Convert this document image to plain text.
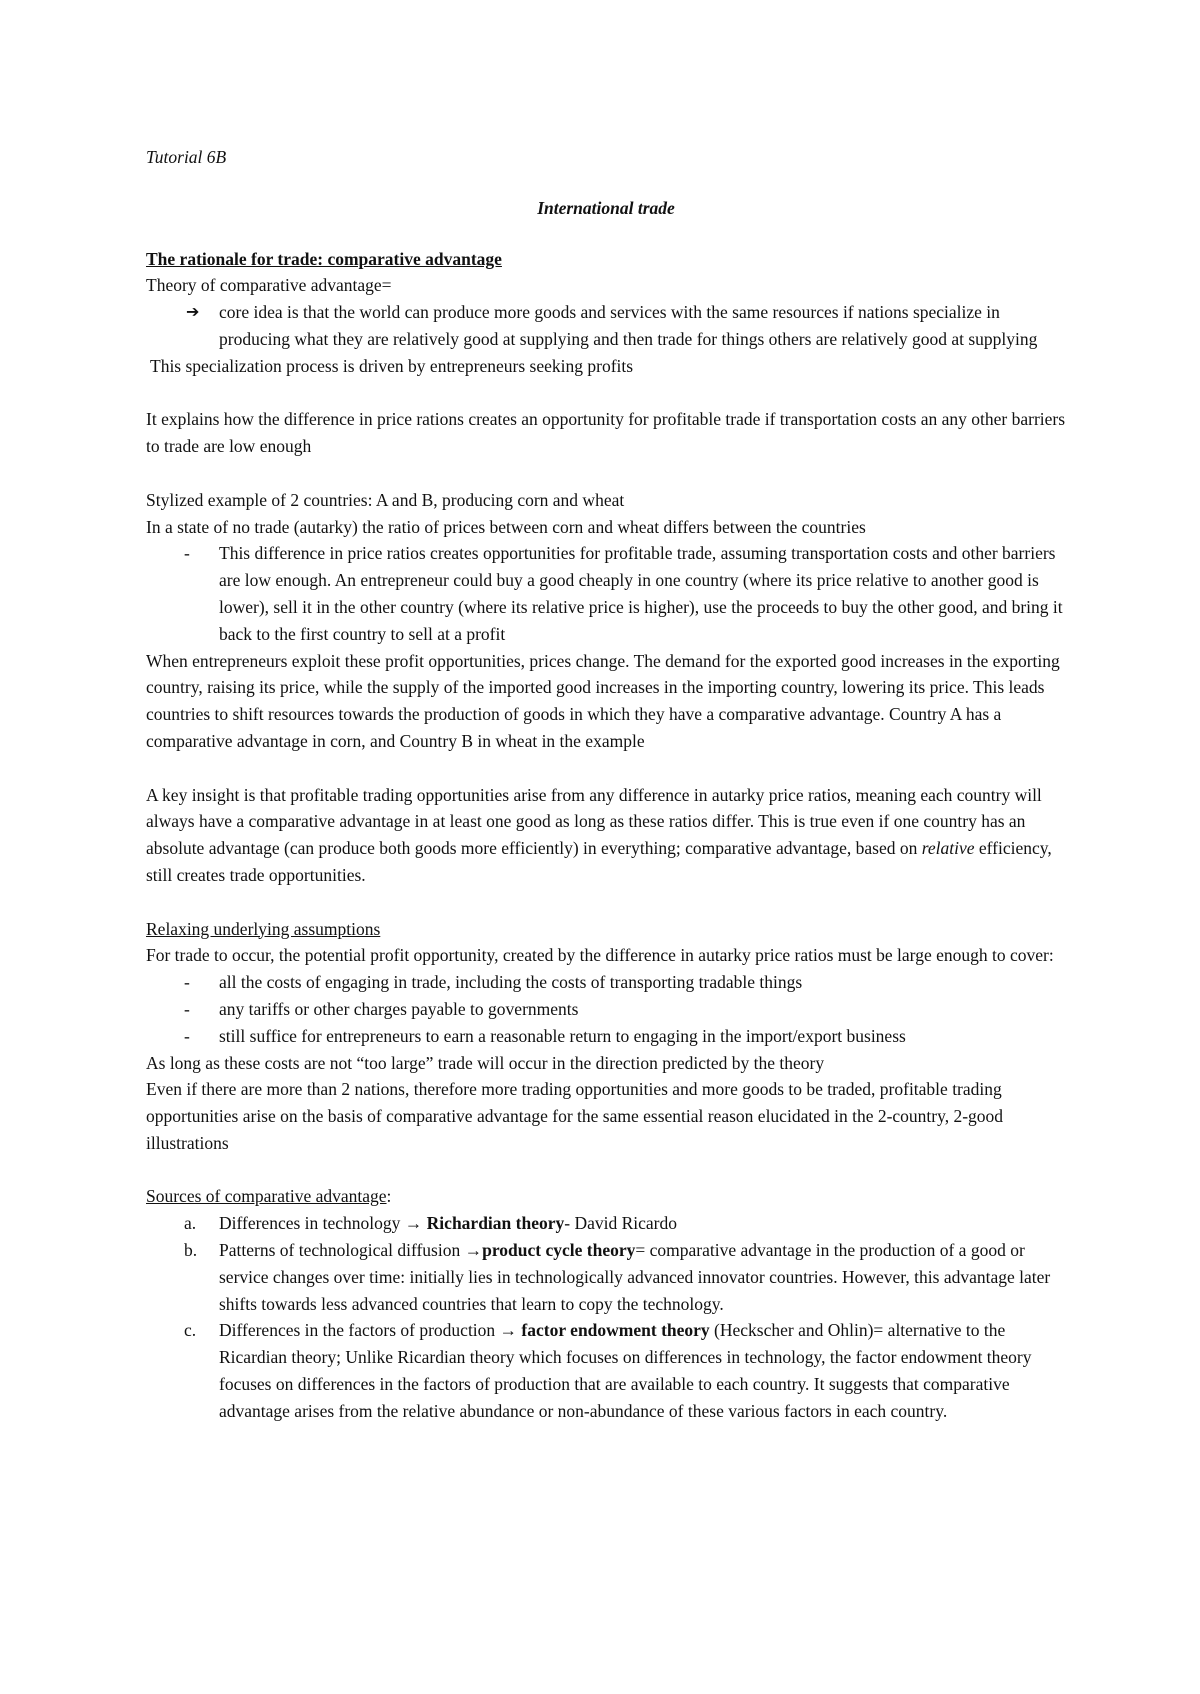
Tutorial 6B

International trade

The rationale for trade: comparative advantage

Theory of comparative advantage=

➔ core idea is that the world can produce more goods and services with the same resources if nations specialize in producing what they are relatively good at supplying and then trade for things others are relatively good at supplying

This specialization process is driven by entrepreneurs seeking profits

It explains how the difference in price rations creates an opportunity for profitable trade if transportation costs an any other barriers to trade are low enough

Stylized example of 2 countries: A and B, producing corn and wheat

In a state of no trade (autarky) the ratio of prices between corn and wheat differs between the countries

- This difference in price ratios creates opportunities for profitable trade, assuming transportation costs and other barriers are low enough. An entrepreneur could buy a good cheaply in one country (where its price relative to another good is lower), sell it in the other country (where its relative price is higher), use the proceeds to buy the other good, and bring it back to the first country to sell at a profit

When entrepreneurs exploit these profit opportunities, prices change. The demand for the exported good increases in the exporting country, raising its price, while the supply of the imported good increases in the importing country, lowering its price. This leads countries to shift resources towards the production of goods in which they have a comparative advantage. Country A has a comparative advantage in corn, and Country B in wheat in the example

A key insight is that profitable trading opportunities arise from any difference in autarky price ratios, meaning each country will always have a comparative advantage in at least one good as long as these ratios differ. This is true even if one country has an absolute advantage (can produce both goods more efficiently) in everything; comparative advantage, based on relative efficiency, still creates trade opportunities.

Relaxing underlying assumptions

For trade to occur, the potential profit opportunity, created by the difference in autarky price ratios must be large enough to cover:

- all the costs of engaging in trade, including the costs of transporting tradable things
- any tariffs or other charges payable to governments
- still suffice for entrepreneurs to earn a reasonable return to engaging in the import/export business

As long as these costs are not “too large” trade will occur in the direction predicted by the theory

Even if there are more than 2 nations, therefore more trading opportunities and more goods to be traded, profitable trading opportunities arise on the basis of comparative advantage for the same essential reason elucidated in the 2-country, 2-good illustrations

Sources of comparative advantage:

a. Differences in technology → Richardian theory- David Ricardo
b. Patterns of technological diffusion →product cycle theory= comparative advantage in the production of a good or service changes over time: initially lies in technologically advanced innovator countries. However, this advantage later shifts towards less advanced countries that learn to copy the technology.
c. Differences in the factors of production → factor endowment theory (Heckscher and Ohlin)= alternative to the Ricardian theory; Unlike Ricardian theory which focuses on differences in technology, the factor endowment theory focuses on differences in the factors of production that are available to each country. It suggests that comparative advantage arises from the relative abundance or non-abundance of these various factors in each country.
